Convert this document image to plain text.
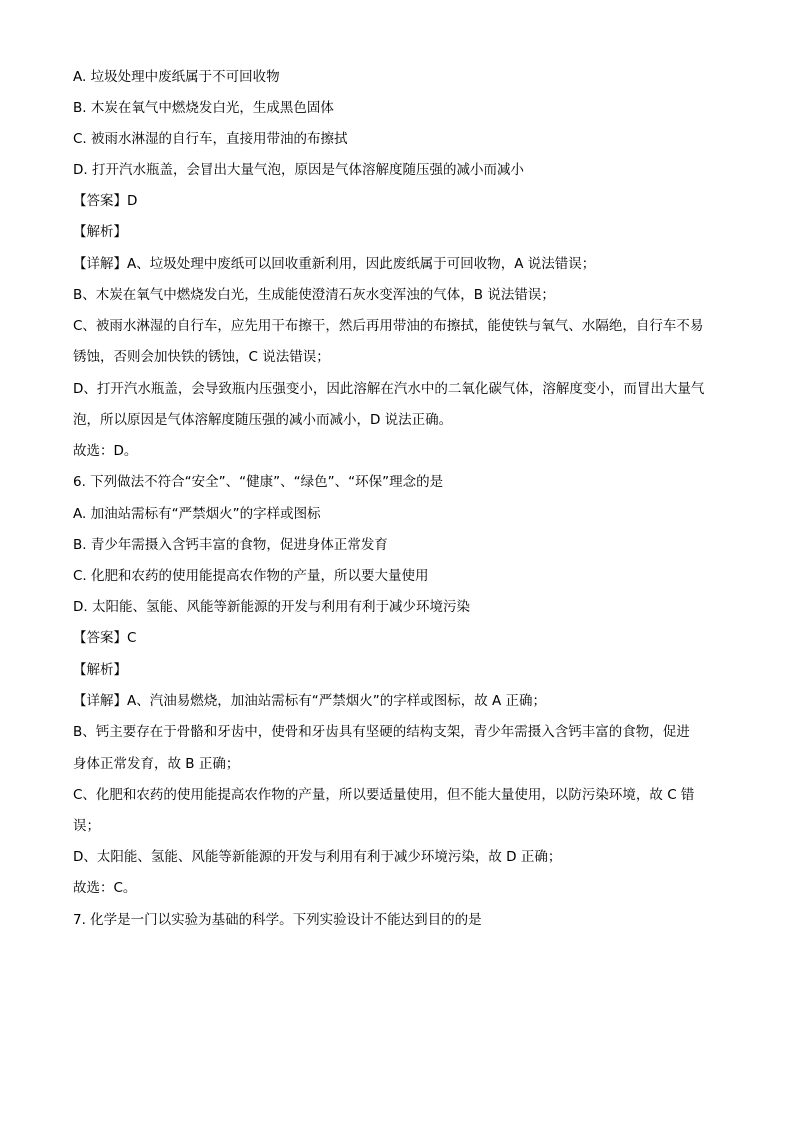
A. 垃圾处理中废纸属于不可回收物
B. 木炭在氧气中燃烧发白光，生成黑色固体
C. 被雨水淋湿的自行车，直接用带油的布擦拭
D. 打开汽水瓶盖，会冒出大量气泡，原因是气体溶解度随压强的减小而减小
【答案】D
【解析】
【详解】A、垃圾处理中废纸可以回收重新利用，因此废纸属于可回收物，A 说法错误；
B、木炭在氧气中燃烧发白光，生成能使澄清石灰水变浑浊的气体，B 说法错误；
C、被雨水淋湿的自行车，应先用干布擦干，然后再用带油的布擦拭，能使铁与氧气、水隔绝，自行车不易
锈蚀，否则会加快铁的锈蚀，C 说法错误；
D、打开汽水瓶盖，会导致瓶内压强变小，因此溶解在汽水中的二氧化碳气体，溶解度变小，而冒出大量气
泡，所以原因是气体溶解度随压强的减小而减小，D 说法正确。
故选：D。
6. 下列做法不符合“安全”、“健康”、“绿色”、“环保”理念的是
A. 加油站需标有“严禁烟火”的字样或图标
B. 青少年需摄入含钙丰富的食物，促进身体正常发育
C. 化肥和农药的使用能提高农作物的产量，所以要大量使用
D. 太阳能、氢能、风能等新能源的开发与利用有利于减少环境污染
【答案】C
【解析】
【详解】A、汽油易燃烧，加油站需标有“严禁烟火”的字样或图标，故 A 正确；
B、钙主要存在于骨骼和牙齿中，使骨和牙齿具有坚硬的结构支架，青少年需摄入含钙丰富的食物，促进
身体正常发育，故 B 正确；
C、化肥和农药的使用能提高农作物的产量，所以要适量使用，但不能大量使用，以防污染环境，故 C 错
误；
D、太阳能、氢能、风能等新能源的开发与利用有利于减少环境污染，故 D 正确；
故选：C。
7. 化学是一门以实验为基础的科学。下列实验设计不能达到目的的是
